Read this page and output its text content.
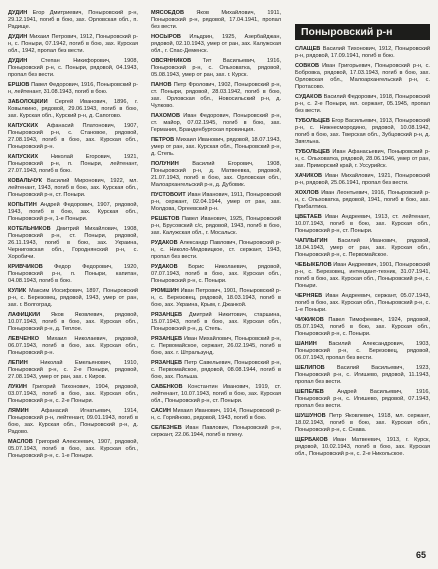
ДУДИН Егор Дмитриевич, Поныровский р-н, 29.12.1941, погиб в бою, зах. Орловская обл., п. Радище.

ДУДИН Михаил Петрович, 1912, Поныровский р-н, с. Поныри, 07.1942, погиб в бою, зах. Курская обл., 1942, пропал без вести.

ДУДИН Степан Никифорович, 1908, Поныровский р-н, с. Поныри, рядовой, 04.1943, пропал без вести.

ЕРШОВ Павел Федорович, 1916, Поныровский р-н, лейтенант, 31.08.1943, погиб в бою.

ЗАБОЛОЦКИЙ Сергей Иванович, 1896, г. Ковылкино, рядовой, 29.06.1943, погиб в бою, зах. Курская обл., Курский р-н, д. Сапогово.

КАПУСКИХ Афанасий Платонович, 1907, Поныровский р-н, с. Становое, рядовой, 27.08.1943, погиб в бою, зах. Курская обл., Поныровский р-н.

КАПУСКИХ Николай Егорович, 1921, Поныровский р-н, п. Поныри, лейтенант, 27.07.1943, погиб в бою.

КОВАЛЬЧУК Василий Миронович, 1922, мл. лейтенант, 1943, погиб в бою, зах. Курская обл., Поныровский р-н, ст. Поныри.

КОПЫТИН Андрей Федорович, 1907, рядовой, 1943, погиб в бою, зах. Курская обл., Поныровский р-н, 1-е Поныри.

КОТЕЛЬНИКОВ Дмитрий Михайлович, 1908, Поныровский р-н, ст. Поныри, рядовой, 26.11.1943, погиб в бою, зах. Украина, Черниговская обл., Городнянский р-н, с. Хоробичи.

КРИВЧИКОВ Федор Федорович, 1920, Поныровский р-н, п. Поныри, капитан, 04.08.1943, погиб в бою.

КУЛИК Максим Иосифович, 1897, Поныровский р-н, с. Березовец, рядовой, 1943, умер от ран, зах. г. Волгоград.

ЛАФИЦКИЙ Яков Яковлевич, рядовой, 10.07.1943, погиб в бою, зах. Курская обл., Поныровский р-н, д. Теплое.

ЛЕВЧЕНКО Михаил Николаевич, рядовой, 06.07.1943, погиб в бою, зах. Курская обл., Поныровский р-н.

ЛЕПИН Николай Емельянович, 1910, Поныровский р-н, с. 2-е Поныри, рядовой, 27.08.1943, умер от ран, зах. г. Киров.

ЛУКИН Григорий Тихонович, 1904, рядовой, 03.07.1943, погиб в бою, зах. Курская обл., Поныровский р-н, с. 2-е Поныри.

ЛЯМИН Афанасий Игнатьевич, 1914, Поныровский р-н, лейтенант, 09.01.1943, погиб в бою, зах. Курская обл., Поныровский р-н, д. Радово.

МАСЛОВ Григорий Алексеевич, 1907, рядовой, 05.07.1943, погиб в бою, зах. Курская обл., Поныровский р-н, с. 1-е Поныри.

МЯСОЕДОВ Яков Михайлович, 1911, Поныровский р-н, рядовой, 17.04.1941, пропал без вести.

НОСЫРОВ Ильдрин, 1925, Азербайджан, рядовой, 02.10.1943, умер от ран, зах. Калужская обл., г. Спас-Деменск.

ОВСЯННИКОВ Тит Васильевич, 1916, Поныровский р-н, с. Ольховатка, рядовой, 05.08.1943, умер от ран, зах. г. Курск.

ПАНОВ Петр Фролович, 1902, Поныровский р-н, ст. Поныри, рядовой, 28.03.1942, погиб в бою, зах. Орловская обл., Новосильский р-н, д. Чулково.

ПАХОМОВ Иван Федорович, Поныровский р-н, ст. майор, 07.02.1945, погиб в бою, зах. Германия, Бранденбургская провинция.

ПЕТРОВ Михаил Иванович, рядовой, 18.07.1943, умер от ран, зах. Курская обл., Поныровский р-н, д. Степь.

ПОЛУНИН Василий Егорович, 1908, Поныровский р-н, д. Матвеевка, рядовой, 21.07.1943, погиб в бою, зах. Орловская обл., Малоархангельский р-н, д. Дубовик.

ПУСТОВОЙТ Иван Иванович, 1911, Поныровский р-н, сержант, 02.04.1944, умер от ран, зах. Молдова, Оргеевский р-н.

РЕШЕТОВ Павел Иванович, 1925, Поныровский р-н, Брусовский с/с, рядовой, 1943, погиб в бою, зах. Калужская обл., г. Мосальск.

РУДАКОВ Александр Павлович, Поныровский р-н, с. Николо-Медовицкое, ст. сержант, 1943, пропал без вести.

РУДАКОВ Борис Николаевич, рядовой, 07.07.1943, погиб в бою, зах. Курская обл., Поныровский р-н, с. Поныри.

РЮМШИН Иван Петрович, 1901, Поныровский р-н, с. Березовец, рядовой, 18.03.1943, погиб в бою, зах. Украина, Крым, г. Джанкой.

РЯЗАНЦЕВ Дмитрий Никитович, старшина, 15.07.1943, погиб в бою, зах. Курская обл., Поныровский р-н, д. Степь.

РЯЗАНЦЕВ Иван Михайлович, Поныровский р-н, с. Первомайское, сержант, 26.02.1945, погиб в бою, зах. г. Штральзунд.

РЯЗАНЦЕВ Петр Савельевич, Поныровский р-н, с. Первомайское, рядовой, 08.08.1944, погиб в бою, зах. Польша.

САВЕНКОВ Константин Иванович, 1919, ст. лейтенант, 10.07.1943, погиб в бою, зах. Курская обл., Поныровский р-н, ст. Поныри.

САСИН Михаил Иванович, 1914, Поныровский р-н, с. Горяйново, рядовой, 1943, погиб в бою.

СЕЛЕЗНЕВ Иван Павлович, Поныровский р-н, сержант, 22.06.1944, погиб в плену.

Поныровский р-н

СЛАЩЕВ Василий Тихонович, 1912, Поныровский р-н, рядовой, 17.09.1941, погиб в бою.

СОВКОВ Иван Григорьевич, Поныровский р-н, с. Бобровка, рядовой, 17.03.1943, погиб в бою, зах. Орловская обл., Малоархангельский р-н, с. Протасово.

СУДАКОВ Василий Федорович, 1918, Поныровский р-н, с. 2-е Поныри, мл. сержант, 05.1945, пропал без вести.

ТУБОЛЬЦЕВ Егор Васильевич, 1913, Поныровский р-н, с. Нижнесмородино, рядовой, 10.08.1942, погиб в бою, зах. Тверская обл., Зубцовский р-н, д. Звягльна.

ТУБОЛЬЦЕВ Иван Афанасьевич, Поныровский р-н, с. Ольховатка, рядовой, 28.06.1946, умер от ран, зах. Приморский край, г. Уссурийск.

ХАЧИКОВ Иван Михайлович, 1921, Поныровский р-н, рядовой, 25.06.1941, пропал без вести.

ХОХЛОВ Иван Леонтьевич, 1916, Поныровский р-н, с. Ольховатка, рядовой, 1941, погиб в бою, зах. Прибалтика.

ЦВЕТАЕВ Иван Андреевич, 1913, ст. лейтенант, 10.07.1943, погиб в бою, зах. Курская обл., Поныровский р-н, ст. Поныри.

ЧАПЛЫГИН Василий Иванович, рядовой, 18.04.1943, умер от ран, зах. Курская обл., Поныровский р-н, с. Первомайское.

ЧЕБЫКЕЛОВ Иван Андреевич, 1901, Поныровский р-н, с. Березовец, интендант-техник, 31.07.1941, погиб в бою, зах. Курская обл., Поныровский р-н, с. Поныри.

ЧЕРНЯЕВ Иван Андреевич, сержант, 05.07.1943, погиб в бою, зах. Курская обл., Поныровский р-н, с. 1-е Поныри.

ЧИЖИКОВ Павел Тимофеевич, 1924, рядовой, 05.07.1943, погиб в бою, зах. Курская обл., Поныровский р-н, с. Поныри.

ШАНИН Василий Александрович, 1903, Поныровский р-н, с. Березовец, рядовой, 06.07.1943, пропал без вести.

ШЕЛИПОВ Василий Васильевич, 1923, Поныровский р-н, с. Игишево, рядовой, 11.1943, пропал без вести.

ШЕПЕЛЕВ Андрей Васильевич, 1916, Поныровский р-н, с. Игишево, рядовой, 07.1943, пропал без вести.

ШУШУНОВ Петр Яковлевич, 1918, мл. сержант, 18.02.1943, погиб в бою, зах. Курская обл., Поныровский р-н, с. Снава.

ЩЕРБАКОВ Иван Матвеевич, 1913, г. Курск, рядовой, 10.02.1943, погиб в бою, зах. Курская обл., Поныровский р-н, с. 2-е Никольское.

65
